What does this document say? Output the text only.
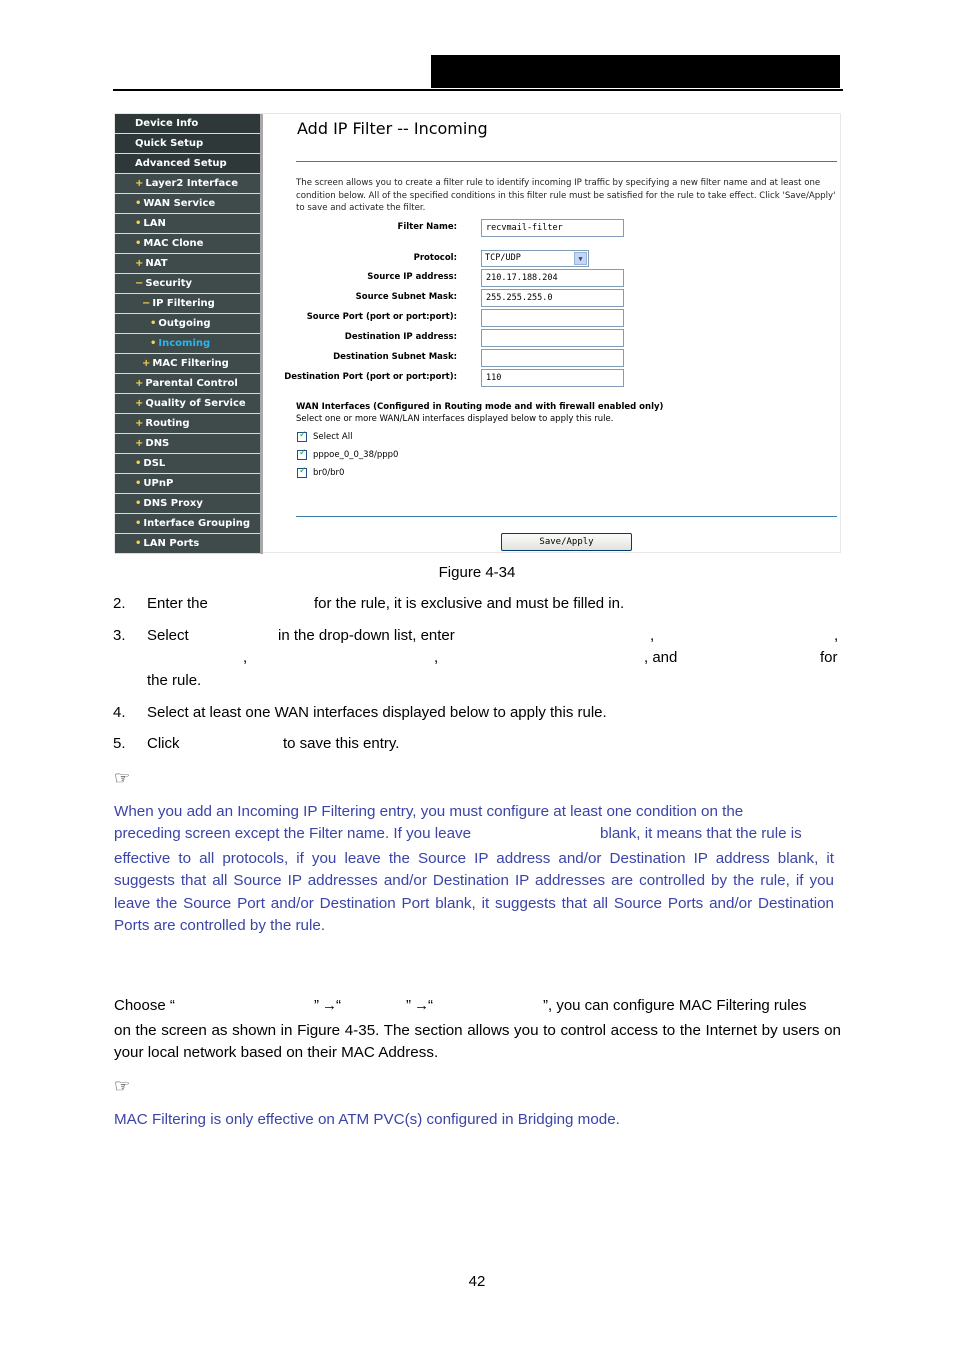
Device Info
Quick Setup
Advanced Setup
+ Layer2 Interface
• WAN Service
• LAN
• MAC Clone
+ NAT
− Security
− IP Filtering
• Outgoing
• Incoming
+ MAC Filtering
+ Parental Control
+ Quality of Service
+ Routing
+ DNS
• DSL
• UPnP
• DNS Proxy
• Interface Grouping
• LAN Ports
Add IP Filter -- Incoming
The screen allows you to create a filter rule to identify incoming IP traffic by specifying a new filter name and at least one condition below. All of the specified conditions in this filter rule must be satisfied for the rule to take effect. Click 'Save/Apply' to save and activate the filter.
Filter Name:	recvmail-filter
Protocol:	TCP/UDP	▼
Source IP address:	210.17.188.204
Source Subnet Mask:	255.255.255.0
Source Port (port or port:port):
Destination IP address:
Destination Subnet Mask:
Destination Port (port or port:port):	110
WAN Interfaces (Configured in Routing mode and with firewall enabled only)
Select one or more WAN/LAN interfaces displayed below to apply this rule.
✓Select All
✓pppoe_0_0_38/ppp0
✓br0/br0
Save/Apply
Figure 4-34
2. Enter the	for the rule, it is exclusive and must be filled in.
3. Select	in the drop-down list, enter	,	,
,	,	, and	for
the rule.
4. Select at least one WAN interfaces displayed below to apply this rule.
5. Click	to save this entry.
☞
When you add an Incoming IP Filtering entry, you must configure at least one condition on the
preceding screen except the Filter name. If you leave	blank, it means that the rule is
effective to all protocols, if you leave the Source IP address and/or Destination IP address blank, it suggests that all Source IP addresses and/or Destination IP addresses are controlled by the rule, if you leave the Source Port and/or Destination Port blank, it suggests that all Source Ports and/or Destination Ports are controlled by the rule.
Choose “	” → “	” → “	”, you can configure MAC Filtering rules
on the screen as shown in Figure 4-35. The section allows you to control access to the Internet by users on your local network based on their MAC Address.
☞
MAC Filtering is only effective on ATM PVC(s) configured in Bridging mode.
42
